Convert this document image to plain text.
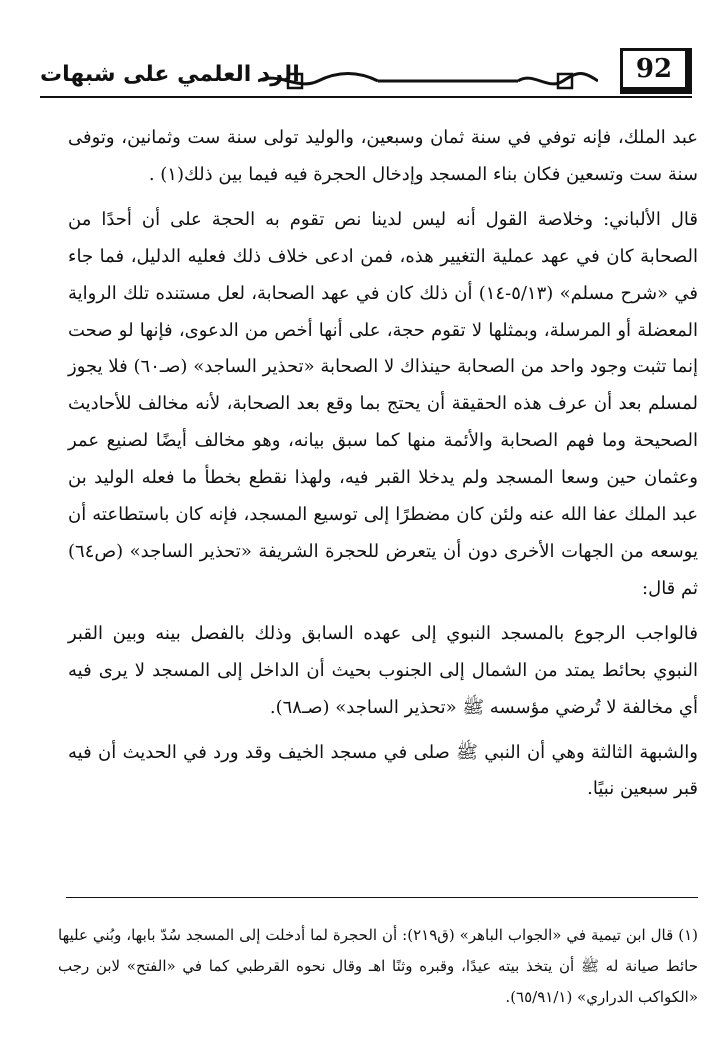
الرد العلمي على شبهات	92

عبد الملك، فإنه توفي في سنة ثمان وسبعين، والوليد تولى سنة ست وثمانين، وتوفى سنة ست وتسعين فكان بناء المسجد وإدخال الحجرة فيه فيما بين ذلك(١) .

قال الألباني: وخلاصة القول أنه ليس لدينا نص تقوم به الحجة على أن أحدًا من الصحابة كان في عهد عملية التغيير هذه، فمن ادعى خلاف ذلك فعليه الدليل، فما جاء في «شرح مسلم» (٥/١٣-١٤) أن ذلك كان في عهد الصحابة، لعل مستنده تلك الرواية المعضلة أو المرسلة، وبمثلها لا تقوم حجة، على أنها أخص من الدعوى، فإنها لو صحت إنما تثبت وجود واحد من الصحابة حينذاك لا الصحابة «تحذير الساجد» (صـ٦٠) فلا يجوز لمسلم بعد أن عرف هذه الحقيقة أن يحتج بما وقع بعد الصحابة، لأنه مخالف للأحاديث الصحيحة وما فهم الصحابة والأئمة منها كما سبق بيانه، وهو مخالف أيضًا لصنيع عمر وعثمان حين وسعا المسجد ولم يدخلا القبر فيه، ولهذا نقطع بخطأ ما فعله الوليد بن عبد الملك عفا الله عنه ولئن كان مضطرًا إلى توسيع المسجد، فإنه كان باستطاعته أن يوسعه من الجهات الأخرى دون أن يتعرض للحجرة الشريفة «تحذير الساجد» (ص٦٤) ثم قال:

فالواجب الرجوع بالمسجد النبوي إلى عهده السابق وذلك بالفصل بينه وبين القبر النبوي بحائط يمتد من الشمال إلى الجنوب بحيث أن الداخل إلى المسجد لا يرى فيه أي مخالفة لا تُرضي مؤسسه ﷺ «تحذير الساجد» (صـ٦٨).

والشبهة الثالثة وهي أن النبي ﷺ صلى في مسجد الخيف وقد ورد في الحديث أن فيه قبر سبعين نبيًا.

(١) قال ابن تيمية في «الجواب الباهر» (ق٢١٩): أن الحجرة لما أدخلت إلى المسجد سُدّ بابها، وبُني عليها حائط صيانة له ﷺ أن يتخذ بيته عيدًا، وقبره وثنًا اهـ وقال نحوه القرطبي كما في «الفتح» لابن رجب «الكواكب الدراري» (٦٥/٩١/١).
